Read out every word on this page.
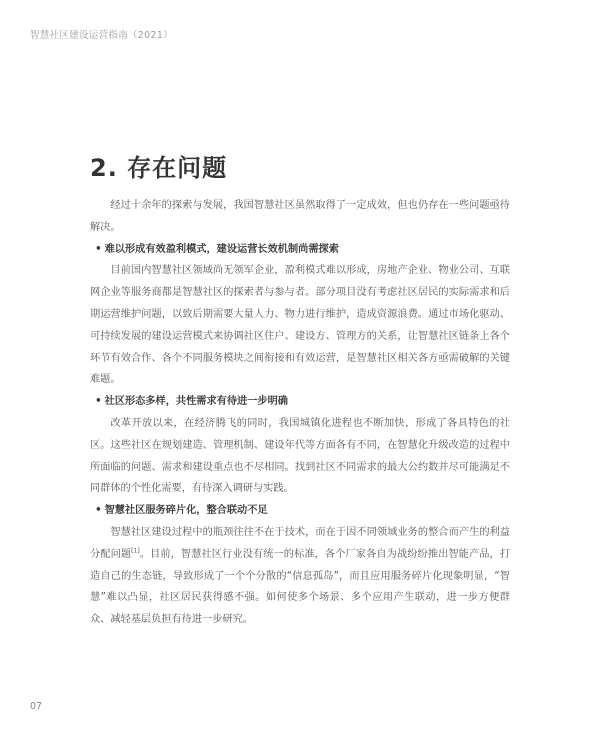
智慧社区建设运营指南（2021）
2. 存在问题

经过十余年的探索与发展，我国智慧社区虽然取得了一定成效，但也仍存在一些问题亟待解决。

• 难以形成有效盈利模式，建设运营长效机制尚需探索

目前国内智慧社区领域尚无领军企业，盈利模式难以形成，房地产企业、物业公司、互联网企业等服务商都是智慧社区的探索者与参与者。部分项目没有考虑社区居民的实际需求和后期运营维护问题，以致后期需要大量人力、物力进行维护，造成资源浪费。通过市场化驱动、可持续发展的建设运营模式来协调社区住户、建设方、管理方的关系，让智慧社区链条上各个环节有效合作、各个不同服务模块之间衔接和有效运营，是智慧社区相关各方亟需破解的关键难题。

• 社区形态多样，共性需求有待进一步明确

改革开放以来，在经济腾飞的同时，我国城镇化进程也不断加快，形成了各具特色的社区。这些社区在规划建造、管理机制、建设年代等方面各有不同，在智慧化升级改造的过程中所面临的问题、需求和建设重点也不尽相同。找到社区不同需求的最大公约数并尽可能满足不同群体的个性化需要，有待深入调研与实践。

• 智慧社区服务碎片化，整合联动不足

智慧社区建设过程中的瓶颈往往不在于技术，而在于因不同领域业务的整合而产生的利益分配问题[1]。目前，智慧社区行业没有统一的标准，各个厂家各自为战纷纷推出智能产品，打造自己的生态链，导致形成了一个个分散的“信息孤岛”，而且应用服务碎片化现象明显，“智慧”难以凸显，社区居民获得感不强。如何使多个场景、多个应用产生联动，进一步方便群众、减轻基层负担有待进一步研究。

07
